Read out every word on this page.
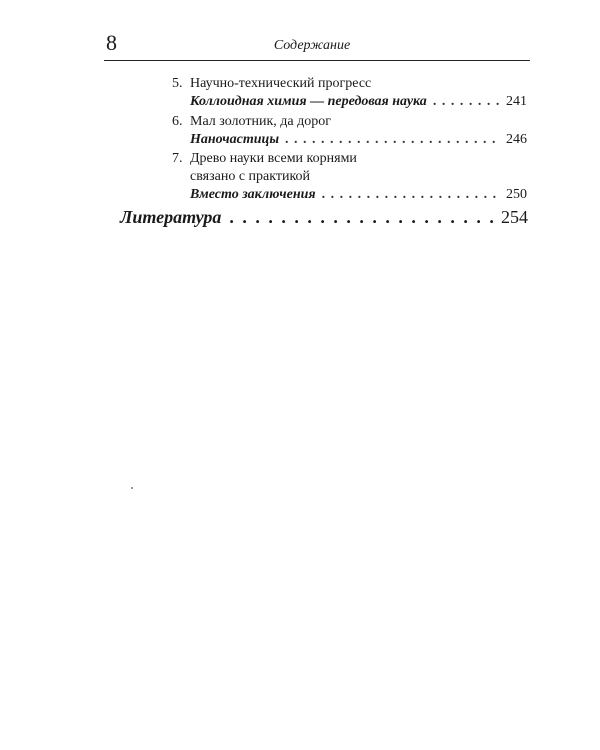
8	Содержание
5. Научно-технический прогресс
Коллоидная химия — передовая наука . . .	241
6. Мал золотник, да дорог
Наночастицы . . .	246
7. Древо науки всеми корнями
связано с практикой
Вместо заключения . . .	250
Литература . . .	254
